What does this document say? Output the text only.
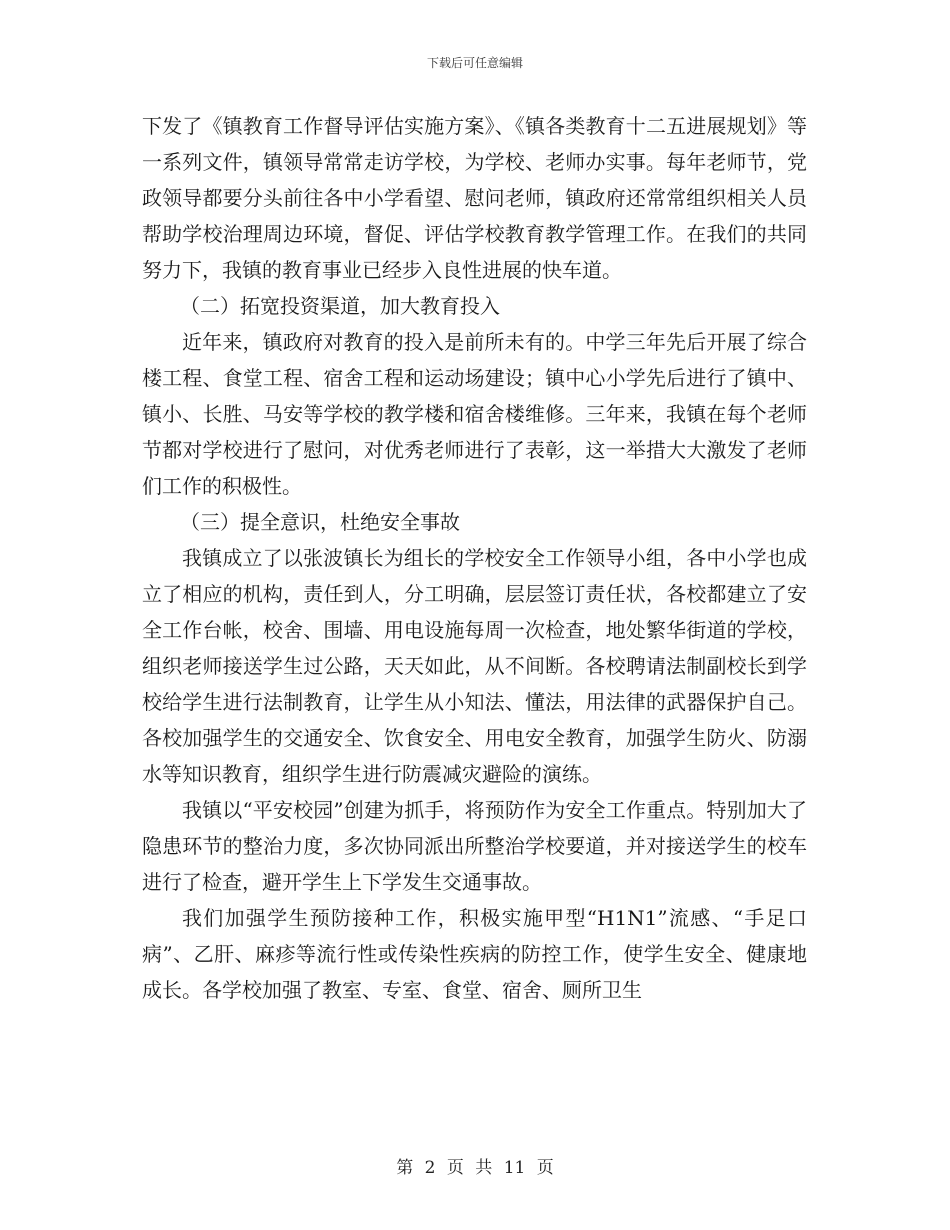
下载后可任意编辑

下发了《镇教育工作督导评估实施方案》、《镇各类教育十二五进展规划》等一系列文件，镇领导常常走访学校，为学校、老师办实事。每年老师节，党政领导都要分头前往各中小学看望、慰问老师，镇政府还常常组织相关人员帮助学校治理周边环境，督促、评估学校教育教学管理工作。在我们的共同努力下，我镇的教育事业已经步入良性进展的快车道。

（二）拓宽投资渠道，加大教育投入

近年来，镇政府对教育的投入是前所未有的。中学三年先后开展了综合楼工程、食堂工程、宿舍工程和运动场建设；镇中心小学先后进行了镇中、镇小、长胜、马安等学校的教学楼和宿舍楼维修。三年来，我镇在每个老师节都对学校进行了慰问，对优秀老师进行了表彰，这一举措大大激发了老师们工作的积极性。

（三）提全意识，杜绝安全事故

我镇成立了以张波镇长为组长的学校安全工作领导小组，各中小学也成立了相应的机构，责任到人，分工明确，层层签订责任状，各校都建立了安全工作台帐，校舍、围墙、用电设施每周一次检查，地处繁华街道的学校，组织老师接送学生过公路，天天如此，从不间断。各校聘请法制副校长到学校给学生进行法制教育，让学生从小知法、懂法，用法律的武器保护自己。各校加强学生的交通安全、饮食安全、用电安全教育，加强学生防火、防溺水等知识教育，组织学生进行防震减灾避险的演练。

我镇以“平安校园”创建为抓手，将预防作为安全工作重点。特别加大了隐患环节的整治力度，多次协同派出所整治学校要道，并对接送学生的校车进行了检查，避开学生上下学发生交通事故。

我们加强学生预防接种工作，积极实施甲型“H1N1”流感、“手足口病”、乙肝、麻疹等流行性或传染性疾病的防控工作，使学生安全、健康地成长。各学校加强了教室、专室、食堂、宿舍、厕所卫生

第 2 页 共 11 页
